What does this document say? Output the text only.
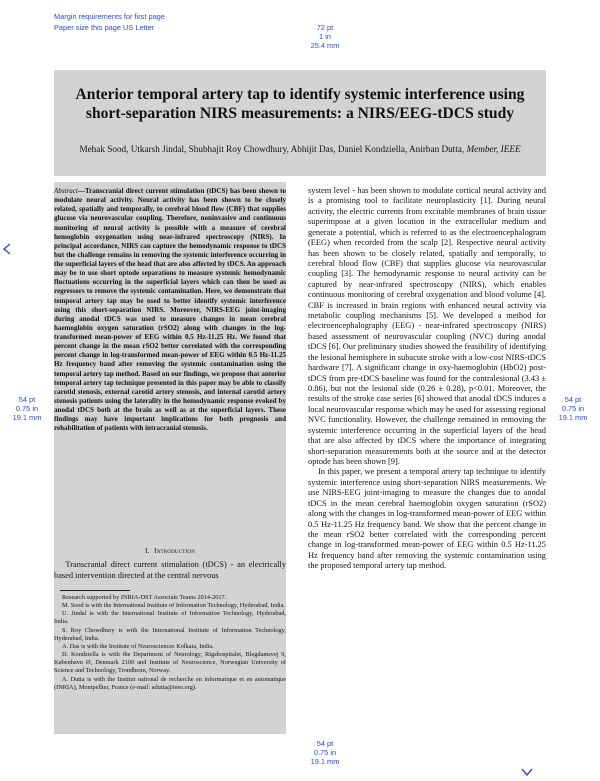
Margin requirements for first page
Paper size this page US Letter	72 pt
1 in
25.4 mm
54 pt
0.75 in
19.1 mm
54 pt
0.75 in
19.1 mm
54 pt
0.75 in
19.1 mm
Anterior temporal artery tap to identify systemic interference using short-separation NIRS measurements: a NIRS/EEG-tDCS study
Mehak Sood, Utkarsh Jindal, Shubhajit Roy Chowdhury, Abhijit Das, Daniel Kondziella, Anirban Dutta, Member, IEEE
Abstract—Transcranial direct current stimulation (tDCS) has been shown to modulate neural activity. Neural activity has been shown to be closely related, spatially and temporally, to cerebral blood flow (CBF) that supplies glucose via neurovascular coupling. Therefore, noninvasive and continuous monitoring of neural activity is possible with a measure of cerebral hemoglobin oxygenation using near-infrared spectroscopy (NIRS). In principal accordance, NIRS can capture the hemodynamic response to tDCS but the challenge remains in removing the systemic interference occurring in the superficial layers of the head that are also affected by tDCS. An approach may be to use short optode separations to measure systemic hemodynamic fluctuations occurring in the superficial layers which can then be used as regressors to remove the systemic contamination. Here, we demonstrate that temporal artery tap may be used to better identify systemic interference using this short-separation NIRS. Moreover, NIRS-EEG joint-imaging during anodal tDCS was used to measure changes in mean cerebral haemoglobin oxygen saturation (rSO2) along with changes in the log-transformed mean-power of EEG within 0.5 Hz-11.25 Hz. We found that percent change in the mean rSO2 better correlated with the corresponding percent change in log-transformed mean-power of EEG within 0.5 Hz-11.25 Hz frequency band after removing the systemic contamination using the temporal artery tap method. Based on our findings, we propose that anterior temporal artery tap technique presented in this paper may be able to classify carotid stenosis, external carotid artery stenosis, and internal carotid artery stenosis patients using the laterality in the hemodynamic response evoked by anodal tDCS both at the brain as well as at the superficial layers. These findings may have important implications for both prognosis and rehabilitation of patients with intracranial stenosis.
I. Introduction
Transcranial direct current stimulation (tDCS) - an electrically based intervention directed at the central nervous

Research supported by INRIA-DST Associate Teams 2014-2017.

M. Sood is with the International Institute of Information Technology, Hyderabad, India.

U. Jindal is with the International Institute of Information Technology, Hyderabad, India.

S. Roy Chowdhury is with the International Institute of Information Technology, Hyderabad, India.

A. Das is with the Institute of Neurosciences Kolkata, India.

D. Kondziella is with the Department of Neurology, Rigshospitalet, Blegdamsvej 9, København Ø, Denmark 2100 and Institute of Neuroscience, Norwegian University of Science and Technology, Trondheim, Norway.

A. Dutta is with the Institut national de recherche en informatique et en automatique (INRIA), Montpellier, France (e-mail: adutta@ieee.org).

system level - has been shown to modulate cortical neural activity and is a promising tool to facilitate neuroplasticity [1]. During neural activity, the electric currents from excitable membranes of brain tissue superimpose at a given location in the extracellular medium and generate a potential, which is referred to as the electroencephalogram (EEG) when recorded from the scalp [2]. Respective neural activity has been shown to be closely related, spatially and temporally, to cerebral blood flow (CBF) that supplies glucose via neurovascular coupling [3]. The hemodynamic response to neural activity can be captured by near-infrared spectroscopy (NIRS), which enables continuous monitoring of cerebral oxygenation and blood volume [4]. CBF is increased in brain regions with enhanced neural activity via metabolic coupling mechanisms [5]. We developed a method for electroencephalography (EEG) - near-infrared spectroscopy (NIRS) based assessment of neurovascular coupling (NVC) during anodal tDCS [6]. Our preliminary studies showed the feasibility of identifying the lesional hemisphere in subacute stroke with a low-cost NIRS-tDCS hardware [7]. A significant change in oxy-haemoglobin (HbO2) post-tDCS from pre-tDCS baseline was found for the contralesional (3.43 ± 0.86), but not the lesional side (0.26 ± 0.28), p<0.01. Moreover, the results of the stroke case series [6] showed that anodal tDCS induces a local neurovascular response which may be used for assessing regional NVC functionality. However, the challenge remained in removing the systemic interference occurring in the superficial layers of the head that are also affected by tDCS where the importance of integrating short-separation measurements both at the source and at the detector optode has been shown [9].

In this paper, we present a temporal artery tap technique to identify systemic interference using short-separation NIRS measurements. We use NIRS-EEG joint-imaging to measure the changes due to anodal tDCS in the mean cerebral haemoglobin oxygen saturation (rSO2) along with the changes in log-transformed mean-power of EEG within 0.5 Hz-11.25 Hz frequency band. We show that the percent change in the mean rSO2 better correlated with the corresponding percent change in log-transformed mean-power of EEG within 0.5 Hz-11.25 Hz frequency band after removing the systemic contamination using the proposed temporal artery tap method.
